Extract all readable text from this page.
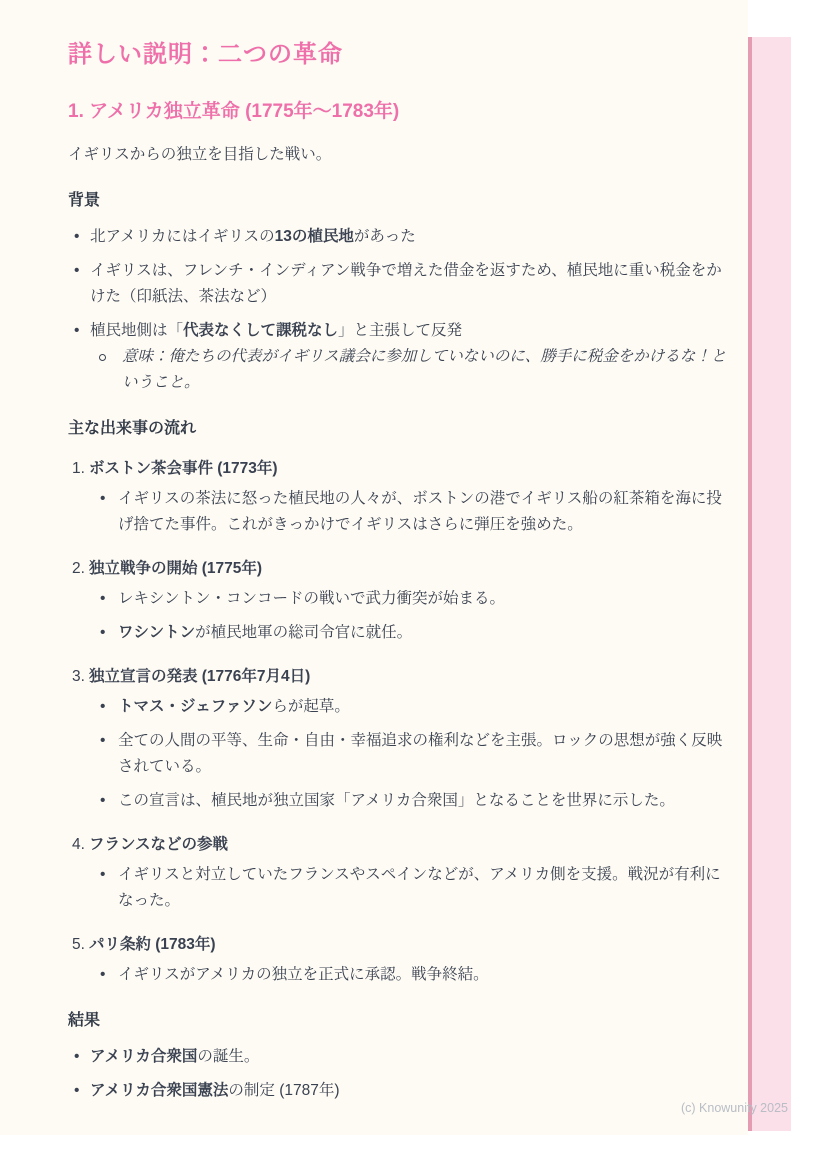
詳しい説明：二つの革命
1. アメリカ独立革命 (1775年〜1783年)

イギリスからの独立を目指した戦い。

背景
• 北アメリカにはイギリスの13の植民地があった
• イギリスは、フレンチ・インディアン戦争で増えた借金を返すため、植民地に重い税金をかけた（印紙法、茶法など）
• 植民地側は「代表なくして課税なし」と主張して反発
意味：俺たちの代表がイギリス議会に参加していないのに、勝手に税金をかけるな！ということ。
主な出来事の流れ
1. ボストン茶会事件 (1773年)
• イギリスの茶法に怒った植民地の人々が、ボストンの港でイギリス船の紅茶箱を海に投げ捨てた事件。これがきっかけでイギリスはさらに弾圧を強めた。
2. 独立戦争の開始 (1775年)
• レキシントン・コンコードの戦いで武力衝突が始まる。
• ワシントンが植民地軍の総司令官に就任。
3. 独立宣言の発表 (1776年7月4日)
• トマス・ジェファソンらが起草。
• 全ての人間の平等、生命・自由・幸福追求の権利などを主張。ロックの思想が強く反映されている。
• この宣言は、植民地が独立国家「アメリカ合衆国」となることを世界に示した。
4. フランスなどの参戦
• イギリスと対立していたフランスやスペインなどが、アメリカ側を支援。戦況が有利になった。
5. パリ条約 (1783年)
• イギリスがアメリカの独立を正式に承認。戦争終結。
結果
• アメリカ合衆国の誕生。
• アメリカ合衆国憲法の制定 (1787年)
(c) Knowunity 2025
